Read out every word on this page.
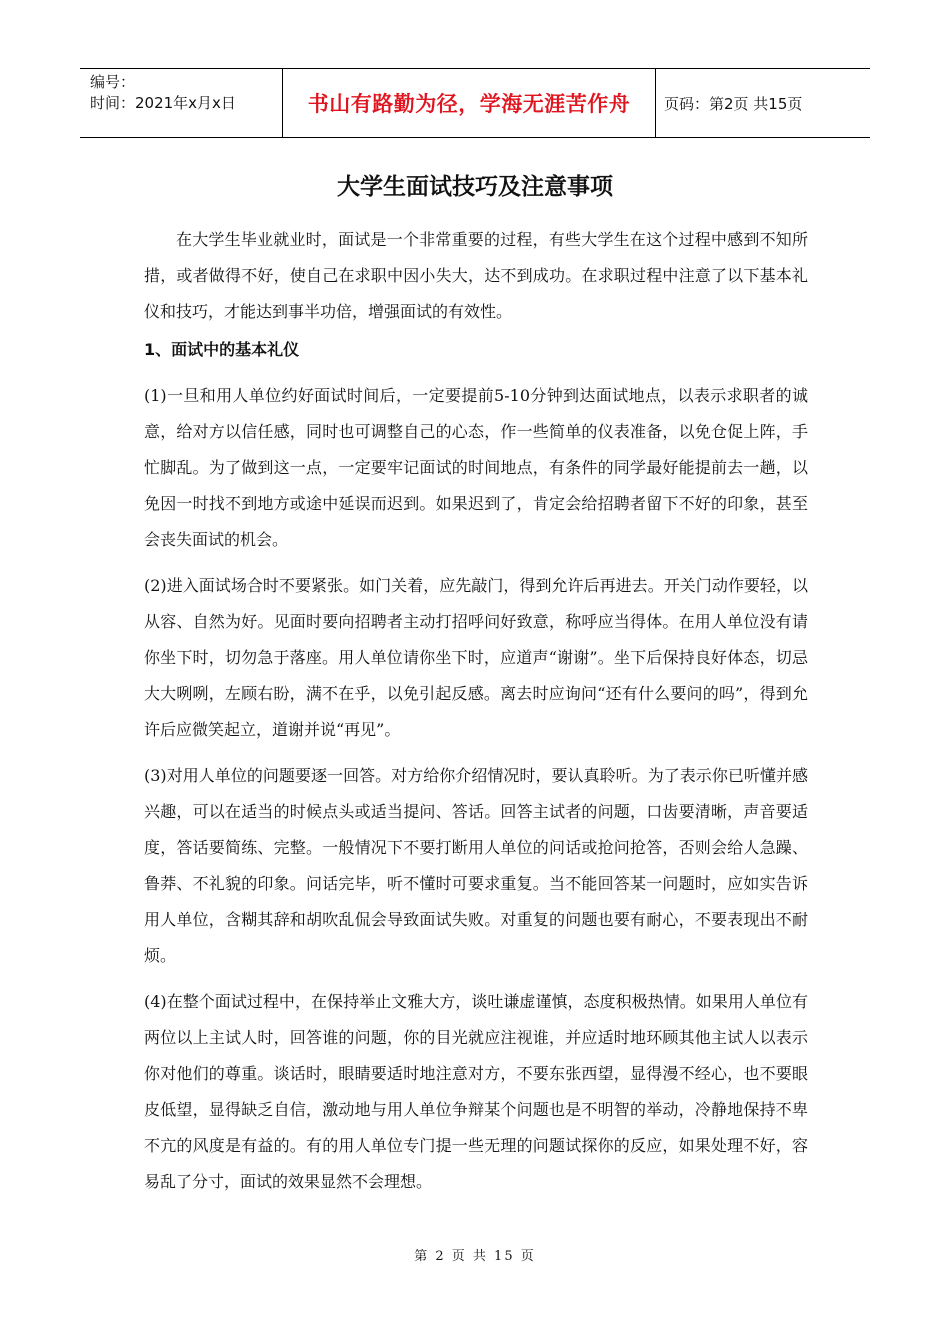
编号：
时间：2021年x月x日	书山有路勤为径，学海无涯苦作舟 页码：第2页 共15页
大学生面试技巧及注意事项

在大学生毕业就业时，面试是一个非常重要的过程，有些大学生在这个过程中感到不知所措，或者做得不好，使自己在求职中因小失大，达不到成功。在求职过程中注意了以下基本礼仪和技巧，才能达到事半功倍，增强面试的有效性。

1、面试中的基本礼仪

(1)一旦和用人单位约好面试时间后，一定要提前5-10分钟到达面试地点，以表示求职者的诚意，给对方以信任感，同时也可调整自己的心态，作一些简单的仪表准备，以免仓促上阵，手忙脚乱。为了做到这一点，一定要牢记面试的时间地点，有条件的同学最好能提前去一趟，以免因一时找不到地方或途中延误而迟到。如果迟到了，肯定会给招聘者留下不好的印象，甚至会丧失面试的机会。

(2)进入面试场合时不要紧张。如门关着，应先敲门，得到允许后再进去。开关门动作要轻，以从容、自然为好。见面时要向招聘者主动打招呼问好致意，称呼应当得体。在用人单位没有请你坐下时，切勿急于落座。用人单位请你坐下时，应道声“谢谢”。坐下后保持良好体态，切忌大大咧咧，左顾右盼，满不在乎，以免引起反感。离去时应询问“还有什么要问的吗”，得到允许后应微笑起立，道谢并说“再见”。

(3)对用人单位的问题要逐一回答。对方给你介绍情况时，要认真聆听。为了表示你已听懂并感兴趣，可以在适当的时候点头或适当提问、答话。回答主试者的问题，口齿要清晰，声音要适度，答话要简练、完整。一般情况下不要打断用人单位的问话或抢问抢答，否则会给人急躁、鲁莽、不礼貌的印象。问话完毕，听不懂时可要求重复。当不能回答某一问题时，应如实告诉用人单位，含糊其辞和胡吹乱侃会导致面试失败。对重复的问题也要有耐心，不要表现出不耐烦。

(4)在整个面试过程中，在保持举止文雅大方，谈吐谦虚谨慎，态度积极热情。如果用人单位有两位以上主试人时，回答谁的问题，你的目光就应注视谁，并应适时地环顾其他主试人以表示你对他们的尊重。谈话时，眼睛要适时地注意对方，不要东张西望，显得漫不经心，也不要眼皮低望，显得缺乏自信，激动地与用人单位争辩某个问题也是不明智的举动，冷静地保持不卑不亢的风度是有益的。有的用人单位专门提一些无理的问题试探你的反应，如果处理不好，容易乱了分寸，面试的效果显然不会理想。

第 2 页 共 15 页
